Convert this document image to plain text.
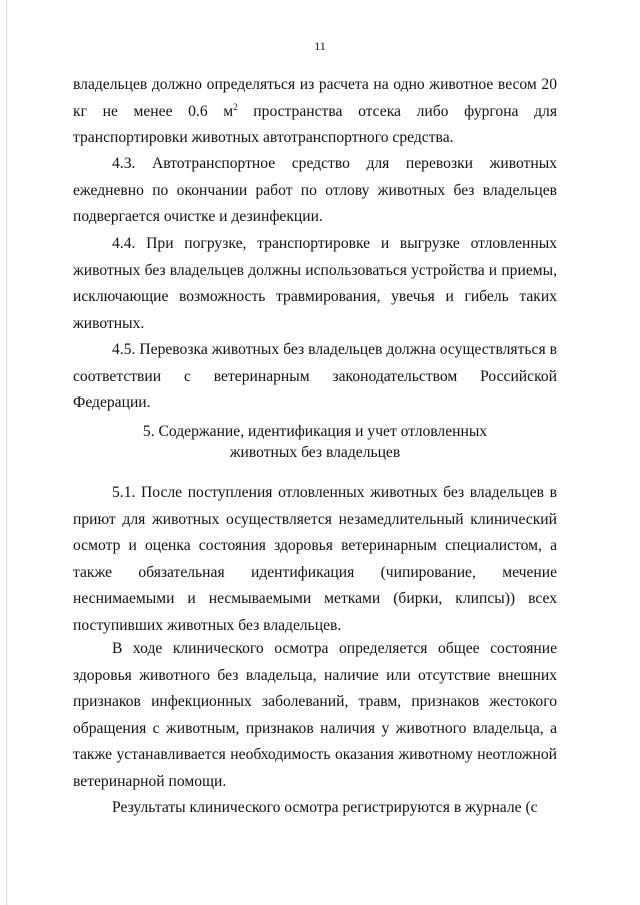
11

владельцев должно определяться из расчета на одно животное весом 20 кг не менее 0.6 $м^2$ пространства отсека либо фургона для транспортировки животных автотранспортного средства.

4.3. Автотранспортное средство для перевозки животных ежедневно по окончании работ по отлову животных без владельцев подвергается очистке и дезинфекции.

4.4. При погрузке, транспортировке и выгрузке отловленных животных без владельцев должны использоваться устройства и приемы, исключающие возможность травмирования, увечья и гибель таких животных.

4.5. Перевозка животных без владельцев должна осуществляться в соответствии с ветеринарным законодательством Российской Федерации.

5. Содержание, идентификация и учет отловленных
животных без владельцев

5.1. После поступления отловленных животных без владельцев в приют для животных осуществляется незамедлительный клинический осмотр и оценка состояния здоровья ветеринарным специалистом, а также обязательная идентификация (чипирование, мечение неснимаемыми и несмываемыми метками (бирки, клипсы)) всех поступивших животных без владельцев.

В ходе клинического осмотра определяется общее состояние здоровья животного без владельца, наличие или отсутствие внешних признаков инфекционных заболеваний, травм, признаков жестокого обращения с животным, признаков наличия у животного владельца, а также устанавливается необходимость оказания животному неотложной ветеринарной помощи.

Результаты клинического осмотра регистрируются в журнале (с
